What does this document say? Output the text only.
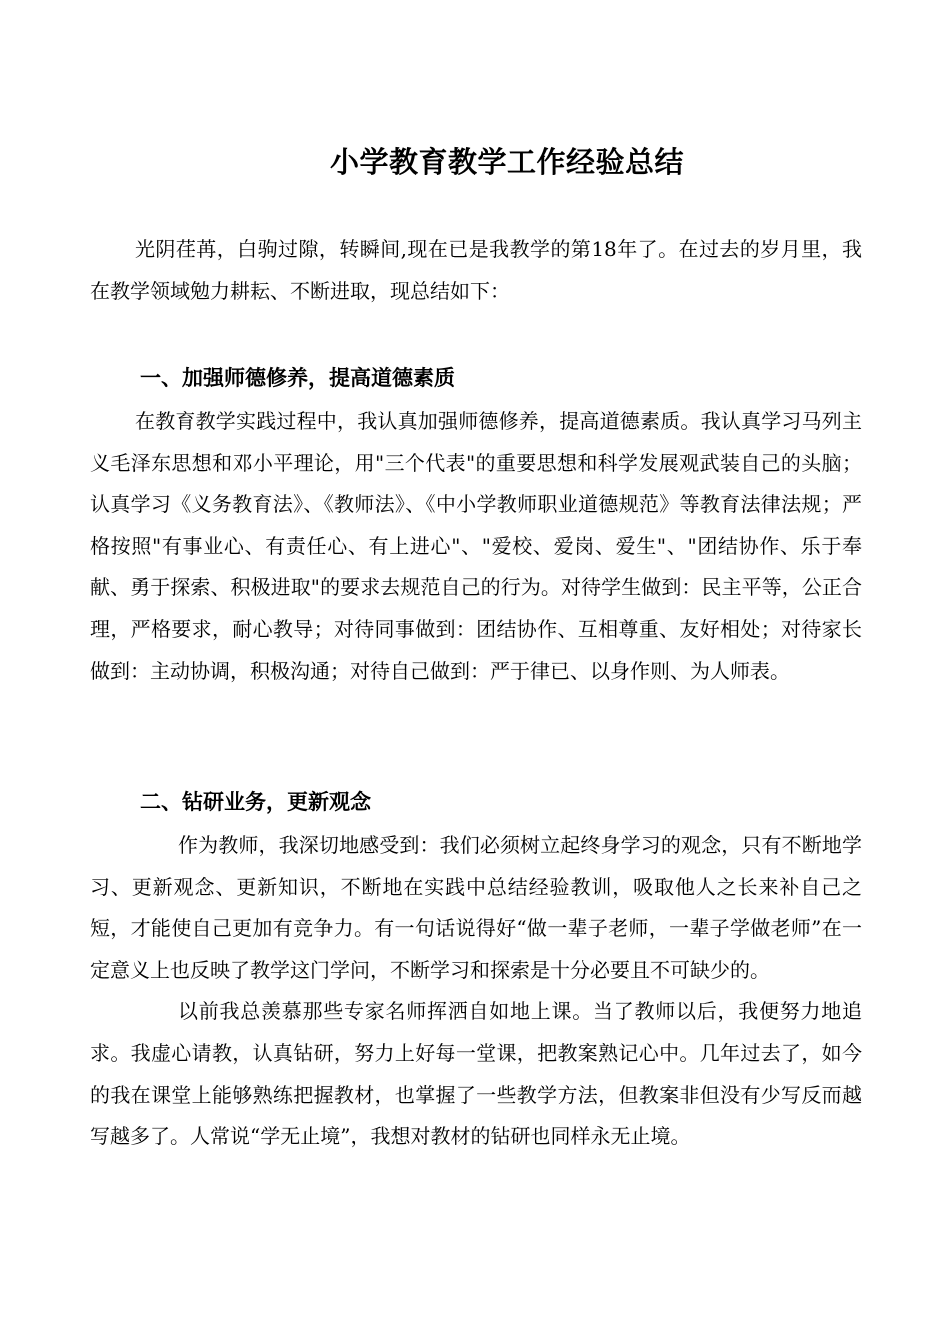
小学教育教学工作经验总结

光阴荏苒，白驹过隙，转瞬间,现在已是我教学的第18年了。在过去的岁月里，我在教学领域勉力耕耘、不断进取，现总结如下：

一、加强师德修养，提高道德素质

在教育教学实践过程中，我认真加强师德修养，提高道德素质。我认真学习马列主义毛泽东思想和邓小平理论，用"三个代表"的重要思想和科学发展观武装自己的头脑；认真学习《义务教育法》、《教师法》、《中小学教师职业道德规范》等教育法律法规；严格按照"有事业心、有责任心、有上进心"、"爱校、爱岗、爱生"、"团结协作、乐于奉献、勇于探索、积极进取"的要求去规范自己的行为。对待学生做到：民主平等，公正合理，严格要求，耐心教导；对待同事做到：团结协作、互相尊重、友好相处；对待家长做到：主动协调，积极沟通；对待自己做到：严于律已、以身作则、为人师表。

二、钻研业务，更新观念

作为教师，我深切地感受到：我们必须树立起终身学习的观念，只有不断地学习、更新观念、更新知识，不断地在实践中总结经验教训，吸取他人之长来补自己之短，才能使自己更加有竞争力。有一句话说得好“做一辈子老师，一辈子学做老师”在一定意义上也反映了教学这门学问，不断学习和探索是十分必要且不可缺少的。

以前我总羡慕那些专家名师挥洒自如地上课。当了教师以后，我便努力地追求。我虚心请教，认真钻研，努力上好每一堂课，把教案熟记心中。几年过去了，如今的我在课堂上能够熟练把握教材，也掌握了一些教学方法，但教案非但没有少写反而越写越多了。人常说“学无止境”，我想对教材的钻研也同样永无止境。
